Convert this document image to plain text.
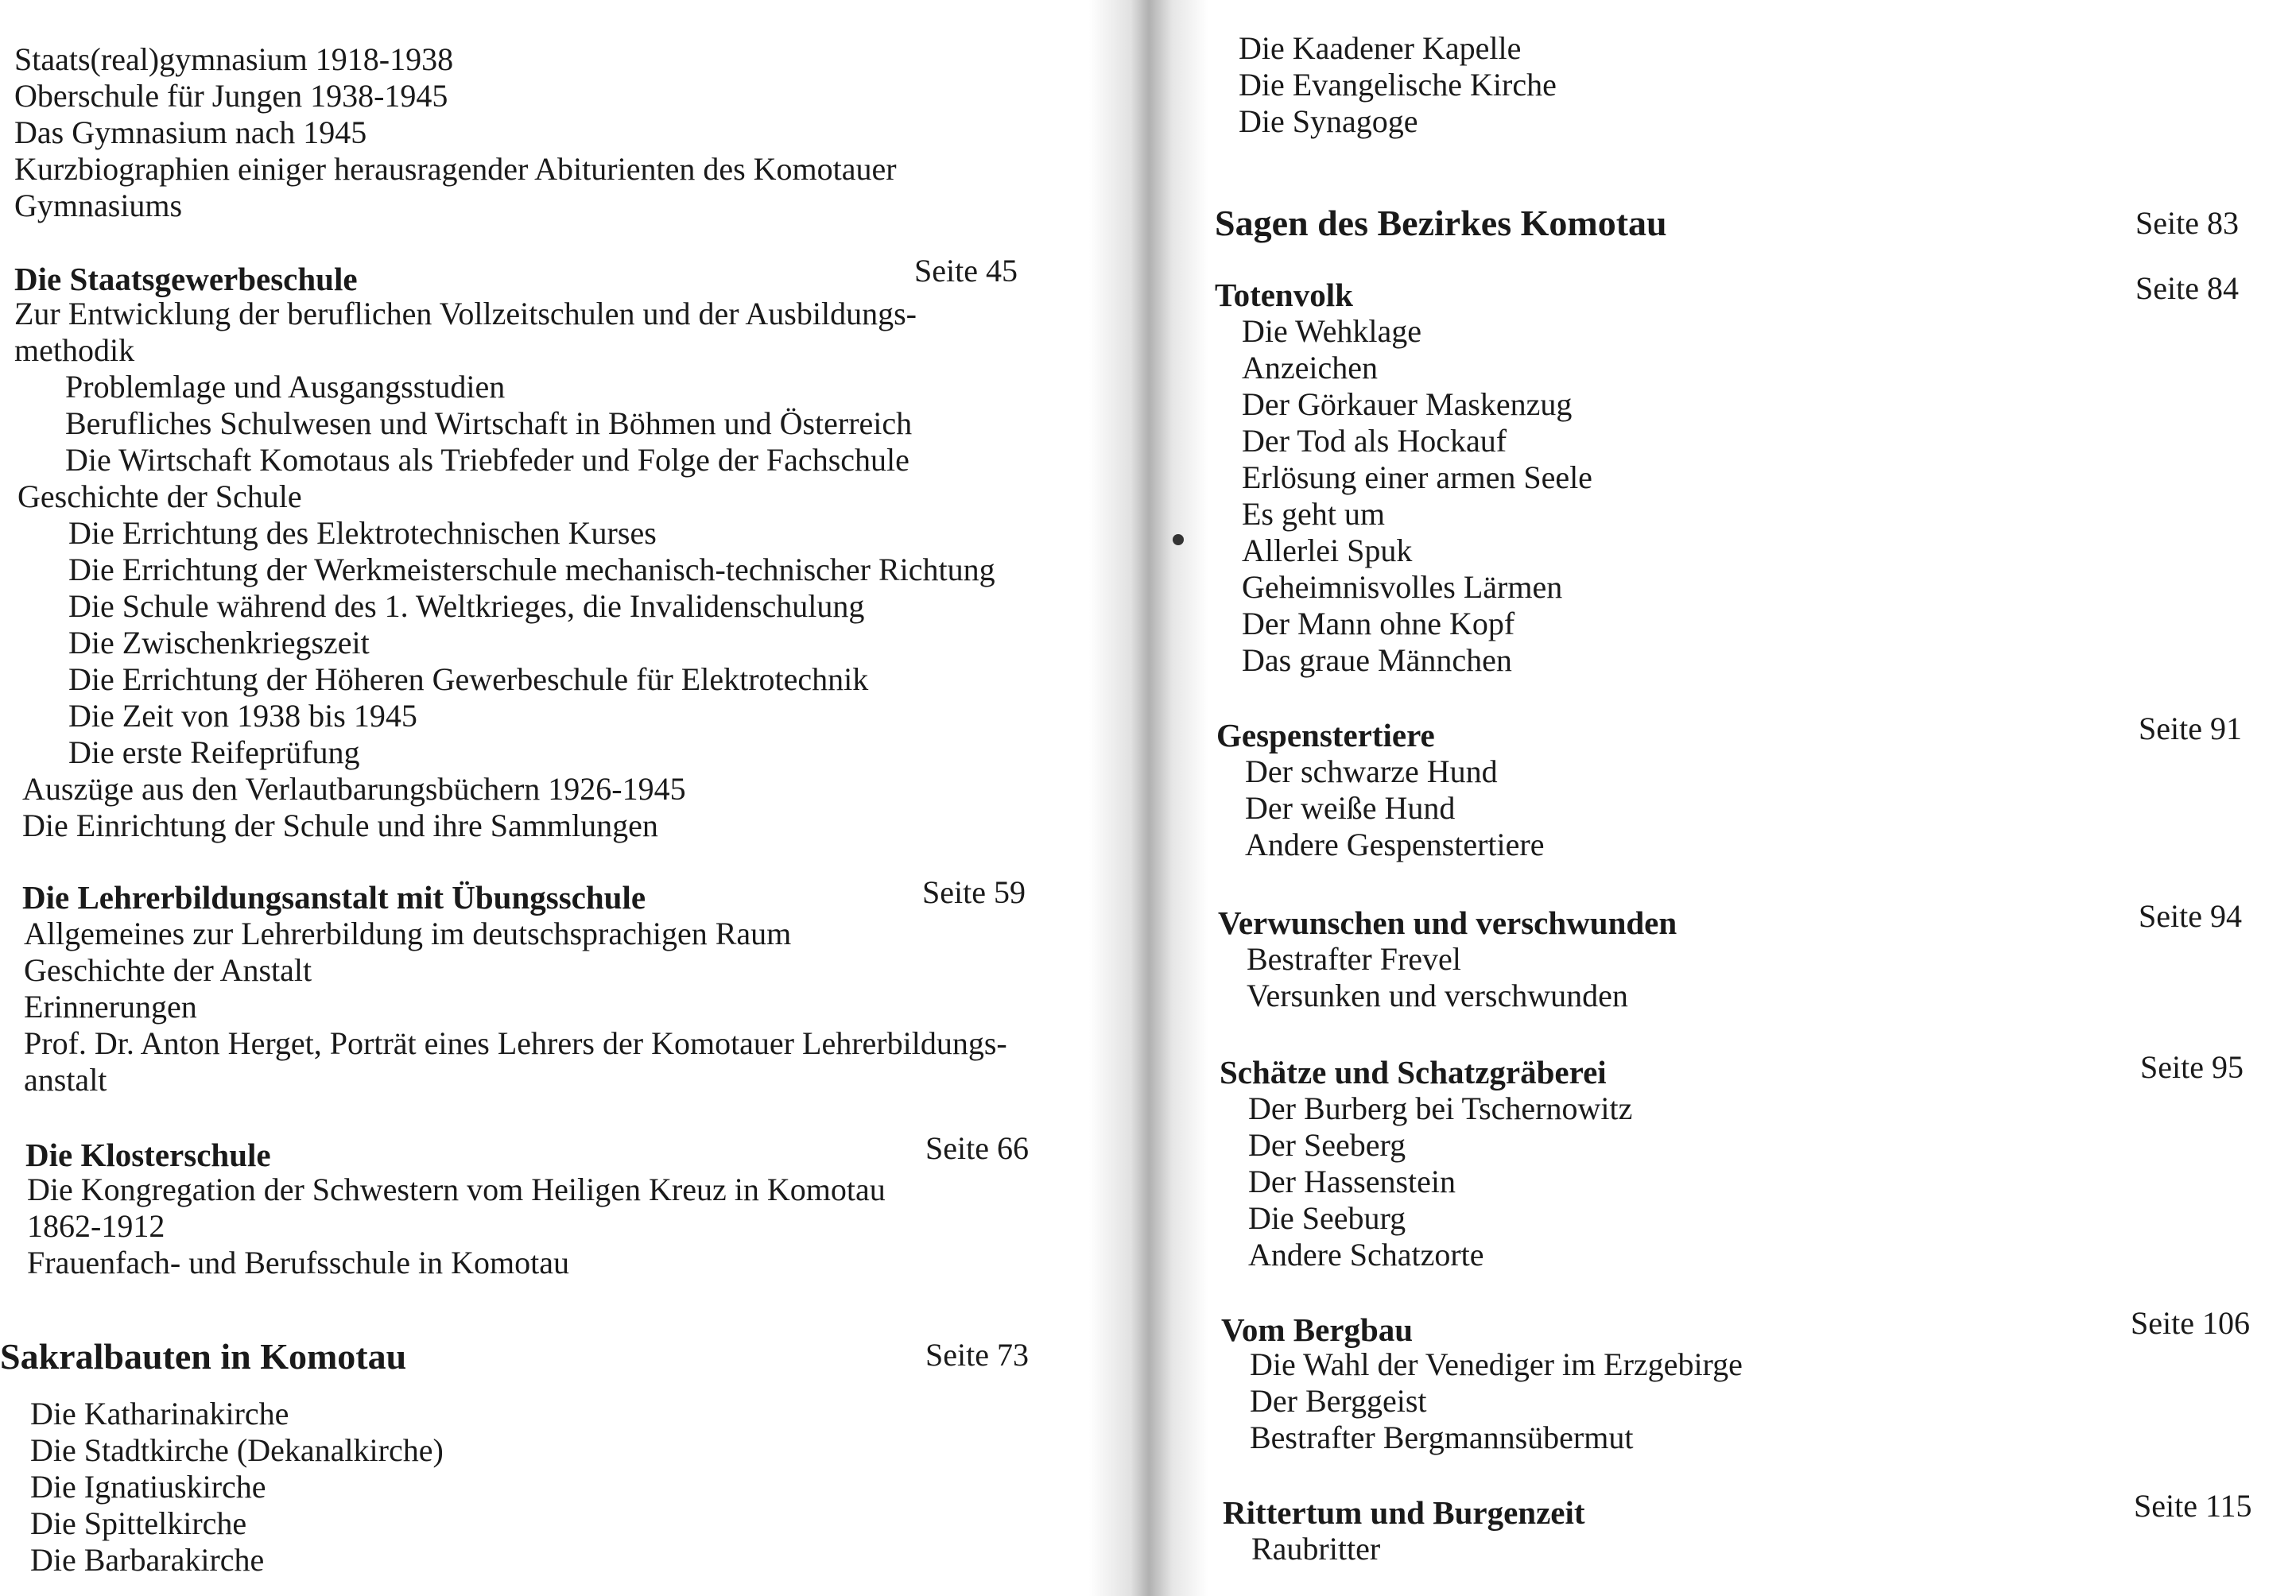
Staats(real)gymnasium 1918-1938
Oberschule für Jungen 1938-1945
Das Gymnasium nach 1945
Kurzbiographien einiger herausragender Abiturienten des Komotauer
Gymnasiums
Die Staatsgewerbeschule	Seite 45
Zur Entwicklung der beruflichen Vollzeitschulen und der Ausbildungs-
methodik
Problemlage und Ausgangsstudien
Berufliches Schulwesen und Wirtschaft in Böhmen und Österreich
Die Wirtschaft Komotaus als Triebfeder und Folge der Fachschule
Geschichte der Schule
Die Errichtung des Elektrotechnischen Kurses
Die Errichtung der Werkmeisterschule mechanisch-technischer Richtung
Die Schule während des 1. Weltkrieges, die Invalidenschulung
Die Zwischenkriegszeit
Die Errichtung der Höheren Gewerbeschule für Elektrotechnik
Die Zeit von 1938 bis 1945
Die erste Reifeprüfung
Auszüge aus den Verlautbarungsbüchern 1926-1945
Die Einrichtung der Schule und ihre Sammlungen
Die Lehrerbildungsanstalt mit Übungsschule	Seite 59
Allgemeines zur Lehrerbildung im deutschsprachigen Raum
Geschichte der Anstalt
Erinnerungen
Prof. Dr. Anton Herget, Porträt eines Lehrers der Komotauer Lehrerbildungs-
anstalt
Die Klosterschule	Seite 66
Die Kongregation der Schwestern vom Heiligen Kreuz in Komotau
1862-1912
Frauenfach- und Berufsschule in Komotau
Sakralbauten in Komotau	Seite 73
Die Katharinakirche
Die Stadtkirche (Dekanalkirche)
Die Ignatiuskirche
Die Spittelkirche
Die Barbarakirche
Die Kaadener Kapelle
Die Evangelische Kirche
Die Synagoge
Sagen des Bezirkes Komotau	Seite 83
Totenvolk	Seite 84
Die Wehklage
Anzeichen
Der Görkauer Maskenzug
Der Tod als Hockauf
Erlösung einer armen Seele
Es geht um
Allerlei Spuk
Geheimnisvolles Lärmen
Der Mann ohne Kopf
Das graue Männchen
Gespenstertiere	Seite 91
Der schwarze Hund
Der weiße Hund
Andere Gespenstertiere
Verwunschen und verschwunden	Seite 94
Bestrafter Frevel
Versunken und verschwunden
Schätze und Schatzgräberei	Seite 95
Der Burberg bei Tschernowitz
Der Seeberg
Der Hassenstein
Die Seeburg
Andere Schatzorte
Vom Bergbau	Seite 106
Die Wahl der Venediger im Erzgebirge
Der Berggeist
Bestrafter Bergmannsübermut
Rittertum und Burgenzeit	Seite 115
Raubritter
